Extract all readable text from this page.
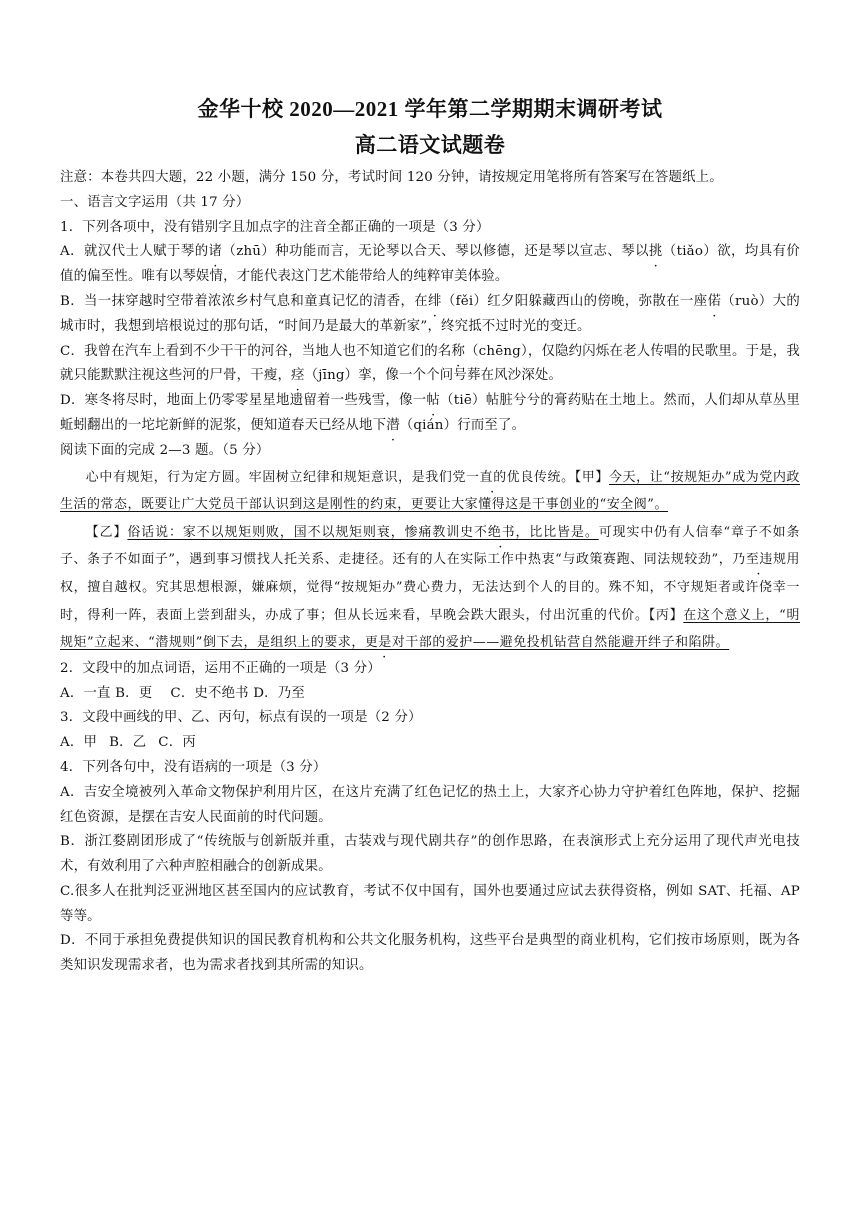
金华十校 2020—2021 学年第二学期期末调研考试
高二语文试题卷

注意：本卷共四大题，22 小题，满分 150 分，考试时间 120 分钟，请按规定用笔将所有答案写在答题纸上。

一、语言文字运用（共 17 分）

1．下列各项中，没有错别字且加点字的注音全都正确的一项是（3 分）

A．就汉代士人赋于琴的诸（zhū）种功能而言，无论琴以合天、琴以修德，还是琴以宣志、琴以挑（tiǎo）欲，均具有价值的偏至性。唯有以琴娱情，才能代表这门艺术能带给人的纯粹审美体验。

B．当一抹穿越时空带着浓浓乡村气息和童真记忆的清香，在绯（fěi）红夕阳躲藏西山的傍晚，弥散在一座偌（ruò）大的城市时，我想到培根说过的那句话，“时间乃是最大的革新家”，终究抵不过时光的变迁。

C．我曾在汽车上看到不少干干的河谷，当地人也不知道它们的名称（chēng），仅隐约闪烁在老人传唱的民歌里。于是，我就只能默默注视这些河的尸骨，干瘦，痉（jīng）挛，像一个个问号葬在风沙深处。

D．寒冬将尽时，地面上仍零零星星地遗留着一些残雪，像一帖（tiē）帖脏兮兮的膏药贴在土地上。然而，人们却从草丛里蚯蚓翻出的一坨坨新鲜的泥浆，便知道春天已经从地下潜（qián）行而至了。

阅读下面的完成 2—3 题。（5 分）

心中有规矩，行为定方圆。牢固树立纪律和规矩意识，是我们党一直的优良传统。【甲】今天，让“按规矩办”成为党内政生活的常态，既要让广大党员干部认识到这是刚性的约束，更要让大家懂得这是干事创业的“安全阀”。

【乙】俗话说：家不以规矩则败，国不以规矩则衰，惨痛教训史不绝书，比比皆是。可现实中仍有人信奉“章子不如条子、条子不如面子”，遇到事习惯找人托关系、走捷径。还有的人在实际工作中热衷“与政策赛跑、同法规较劲”，乃至违规用权，擅自越权。究其思想根源，嫌麻烦，觉得“按规矩办”费心费力，无法达到个人的目的。殊不知，不守规矩者或许侥幸一时，得利一阵，表面上尝到甜头，办成了事；但从长远来看，早晚会跌大跟头，付出沉重的代价。【丙】在这个意义上，“明规矩”立起来、“潜规则”倒下去，是组织上的要求，更是对干部的爱护——避免投机钻营自然能避开绊子和陷阱。

2．文段中的加点词语，运用不正确的一项是（3 分）

A．一直 B．更　 C．史不绝书 D．乃至

3．文段中画线的甲、乙、丙句，标点有误的一项是（2 分）

A．甲 B．乙 C．丙

4．下列各句中，没有语病的一项是（3 分）

A．吉安全境被列入革命文物保护利用片区，在这片充满了红色记忆的热土上，大家齐心协力守护着红色阵地，保护、挖掘红色资源，是摆在吉安人民面前的时代问题。

B．浙江婺剧团形成了“传统版与创新版并重，古装戏与现代剧共存”的创作思路，在表演形式上充分运用了现代声光电技术，有效利用了六种声腔相融合的创新成果。

C.很多人在批判泛亚洲地区甚至国内的应试教育，考试不仅中国有，国外也要通过应试去获得资格，例如 SAT、托福、AP 等等。

D．不同于承担免费提供知识的国民教育机构和公共文化服务机构，这些平台是典型的商业机构，它们按市场原则，既为各类知识发现需求者，也为需求者找到其所需的知识。
